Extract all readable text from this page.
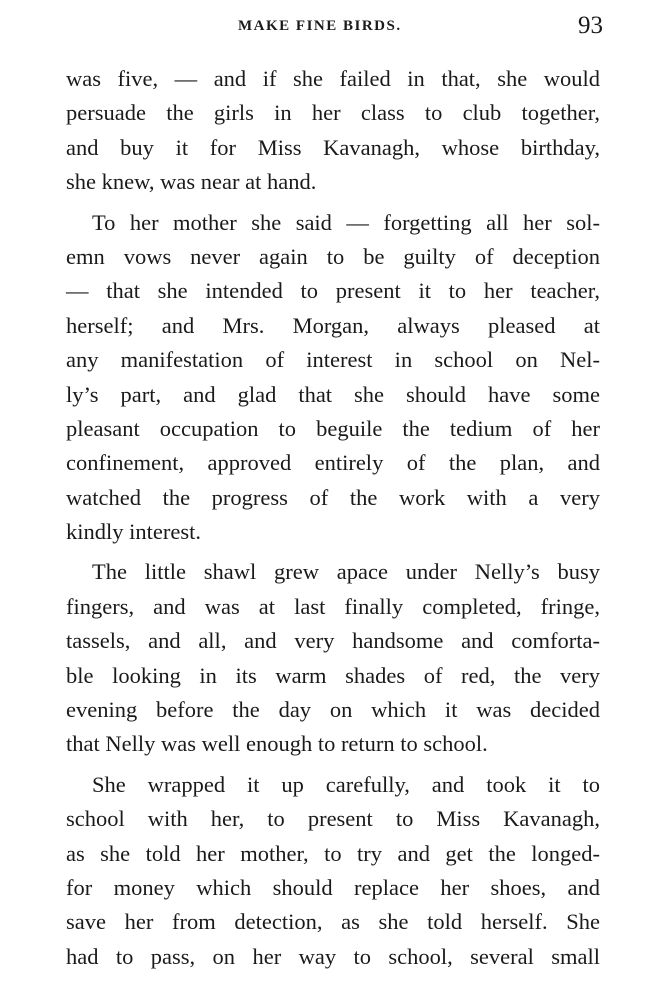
MAKE FINE BIRDS.	93
was five, — and if she failed in that, she would
persuade the girls in her class to club together,
and buy it for Miss Kavanagh, whose birthday,
she knew, was near at hand.
To her mother she said — forgetting all her sol-
emn vows never again to be guilty of deception
— that she intended to present it to her teacher,
herself; and Mrs. Morgan, always pleased at
any manifestation of interest in school on Nel-
ly’s part, and glad that she should have some
pleasant occupation to beguile the tedium of her
confinement, approved entirely of the plan, and
watched the progress of the work with a very
kindly interest.
The little shawl grew apace under Nelly’s busy
fingers, and was at last finally completed, fringe,
tassels, and all, and very handsome and comforta-
ble looking in its warm shades of red, the very
evening before the day on which it was decided
that Nelly was well enough to return to school.
She wrapped it up carefully, and took it to
school with her, to present to Miss Kavanagh,
as she told her mother, to try and get the longed-
for money which should replace her shoes, and
save her from detection, as she told herself. She
had to pass, on her way to school, several small
